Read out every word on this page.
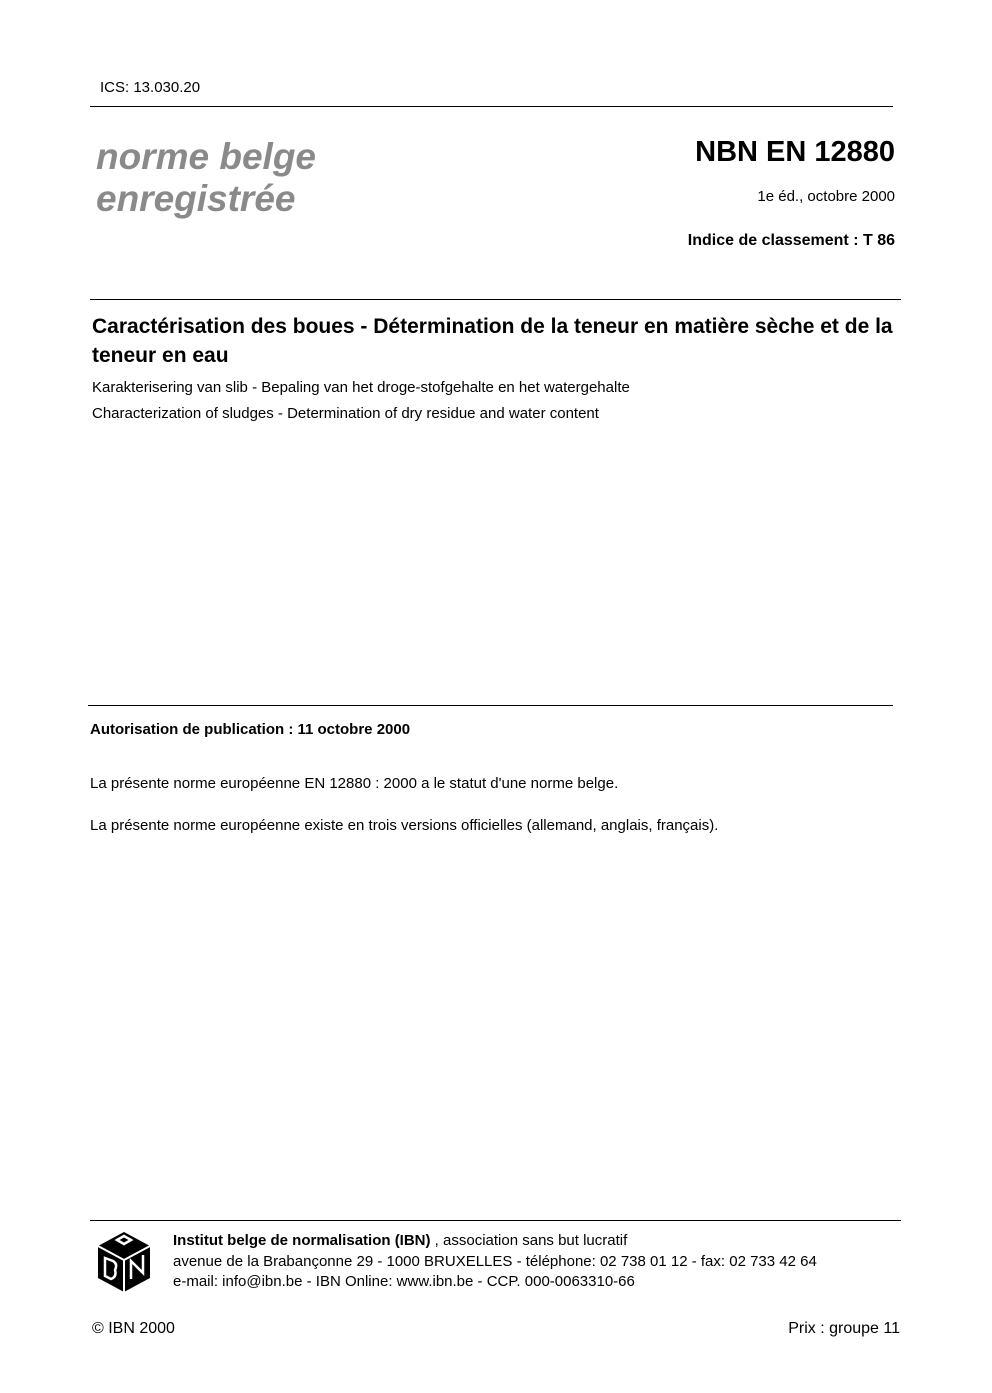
ICS: 13.030.20
norme belge
enregistrée
NBN EN 12880
1e éd., octobre 2000
Indice de classement : T 86
Caractérisation des boues - Détermination de la teneur en matière sèche et de la teneur en eau
Karakterisering van slib - Bepaling van het droge-stofgehalte en het watergehalte
Characterization of sludges - Determination of dry residue and water content
Autorisation de publication : 11 octobre 2000
La présente norme européenne EN 12880 : 2000 a le statut d'une norme belge.
La présente norme européenne existe en trois versions officielles (allemand, anglais, français).
Institut belge de normalisation (IBN) , association sans but lucratif
avenue de la Brabançonne 29 - 1000 BRUXELLES - téléphone: 02 738 01 12 - fax: 02 733 42 64
e-mail: info@ibn.be - IBN Online: www.ibn.be - CCP. 000-0063310-66
© IBN 2000	Prix : groupe 11
